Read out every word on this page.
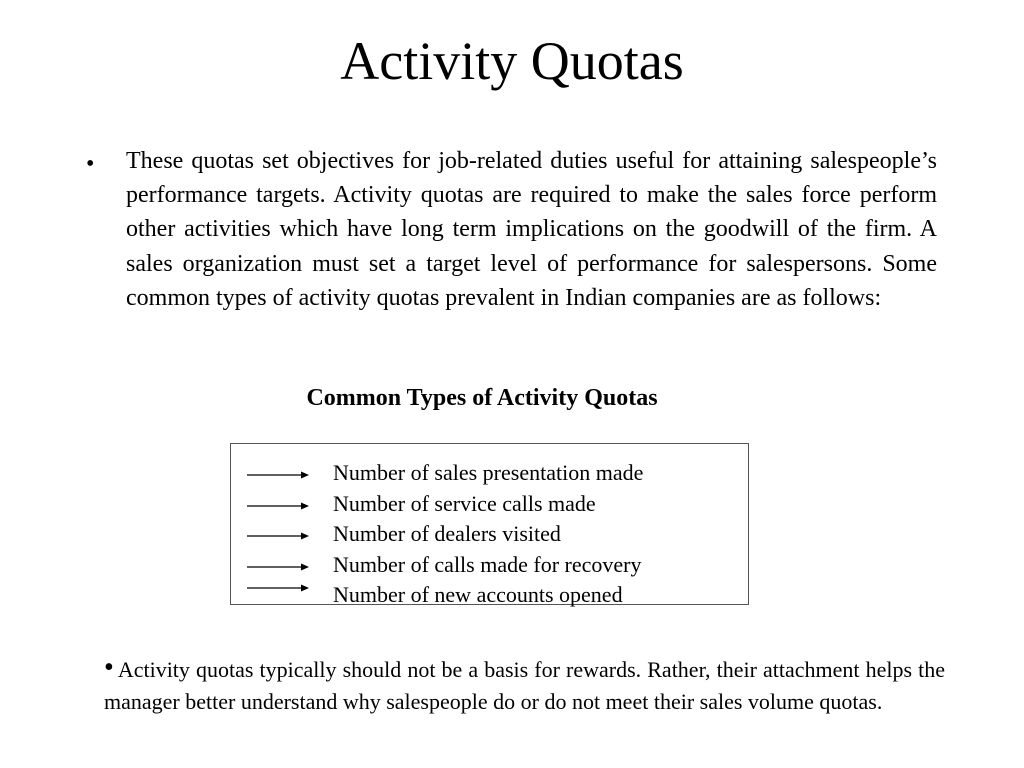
Activity Quotas
• These quotas set objectives for job-related duties useful for attaining salespeople’s performance targets. Activity quotas are required to make the sales force perform other activities which have long term implications on the goodwill of the firm. A sales organization must set a target level of performance for salespersons. Some common types of activity quotas prevalent in Indian companies are as follows:
Common Types of Activity Quotas
Number of sales presentation made
Number of service calls made
Number of dealers visited
Number of calls made for recovery
Number of new accounts opened
• Activity quotas typically should not be a basis for rewards. Rather, their attachment helps the manager better understand why salespeople do or do not meet their sales volume quotas.
